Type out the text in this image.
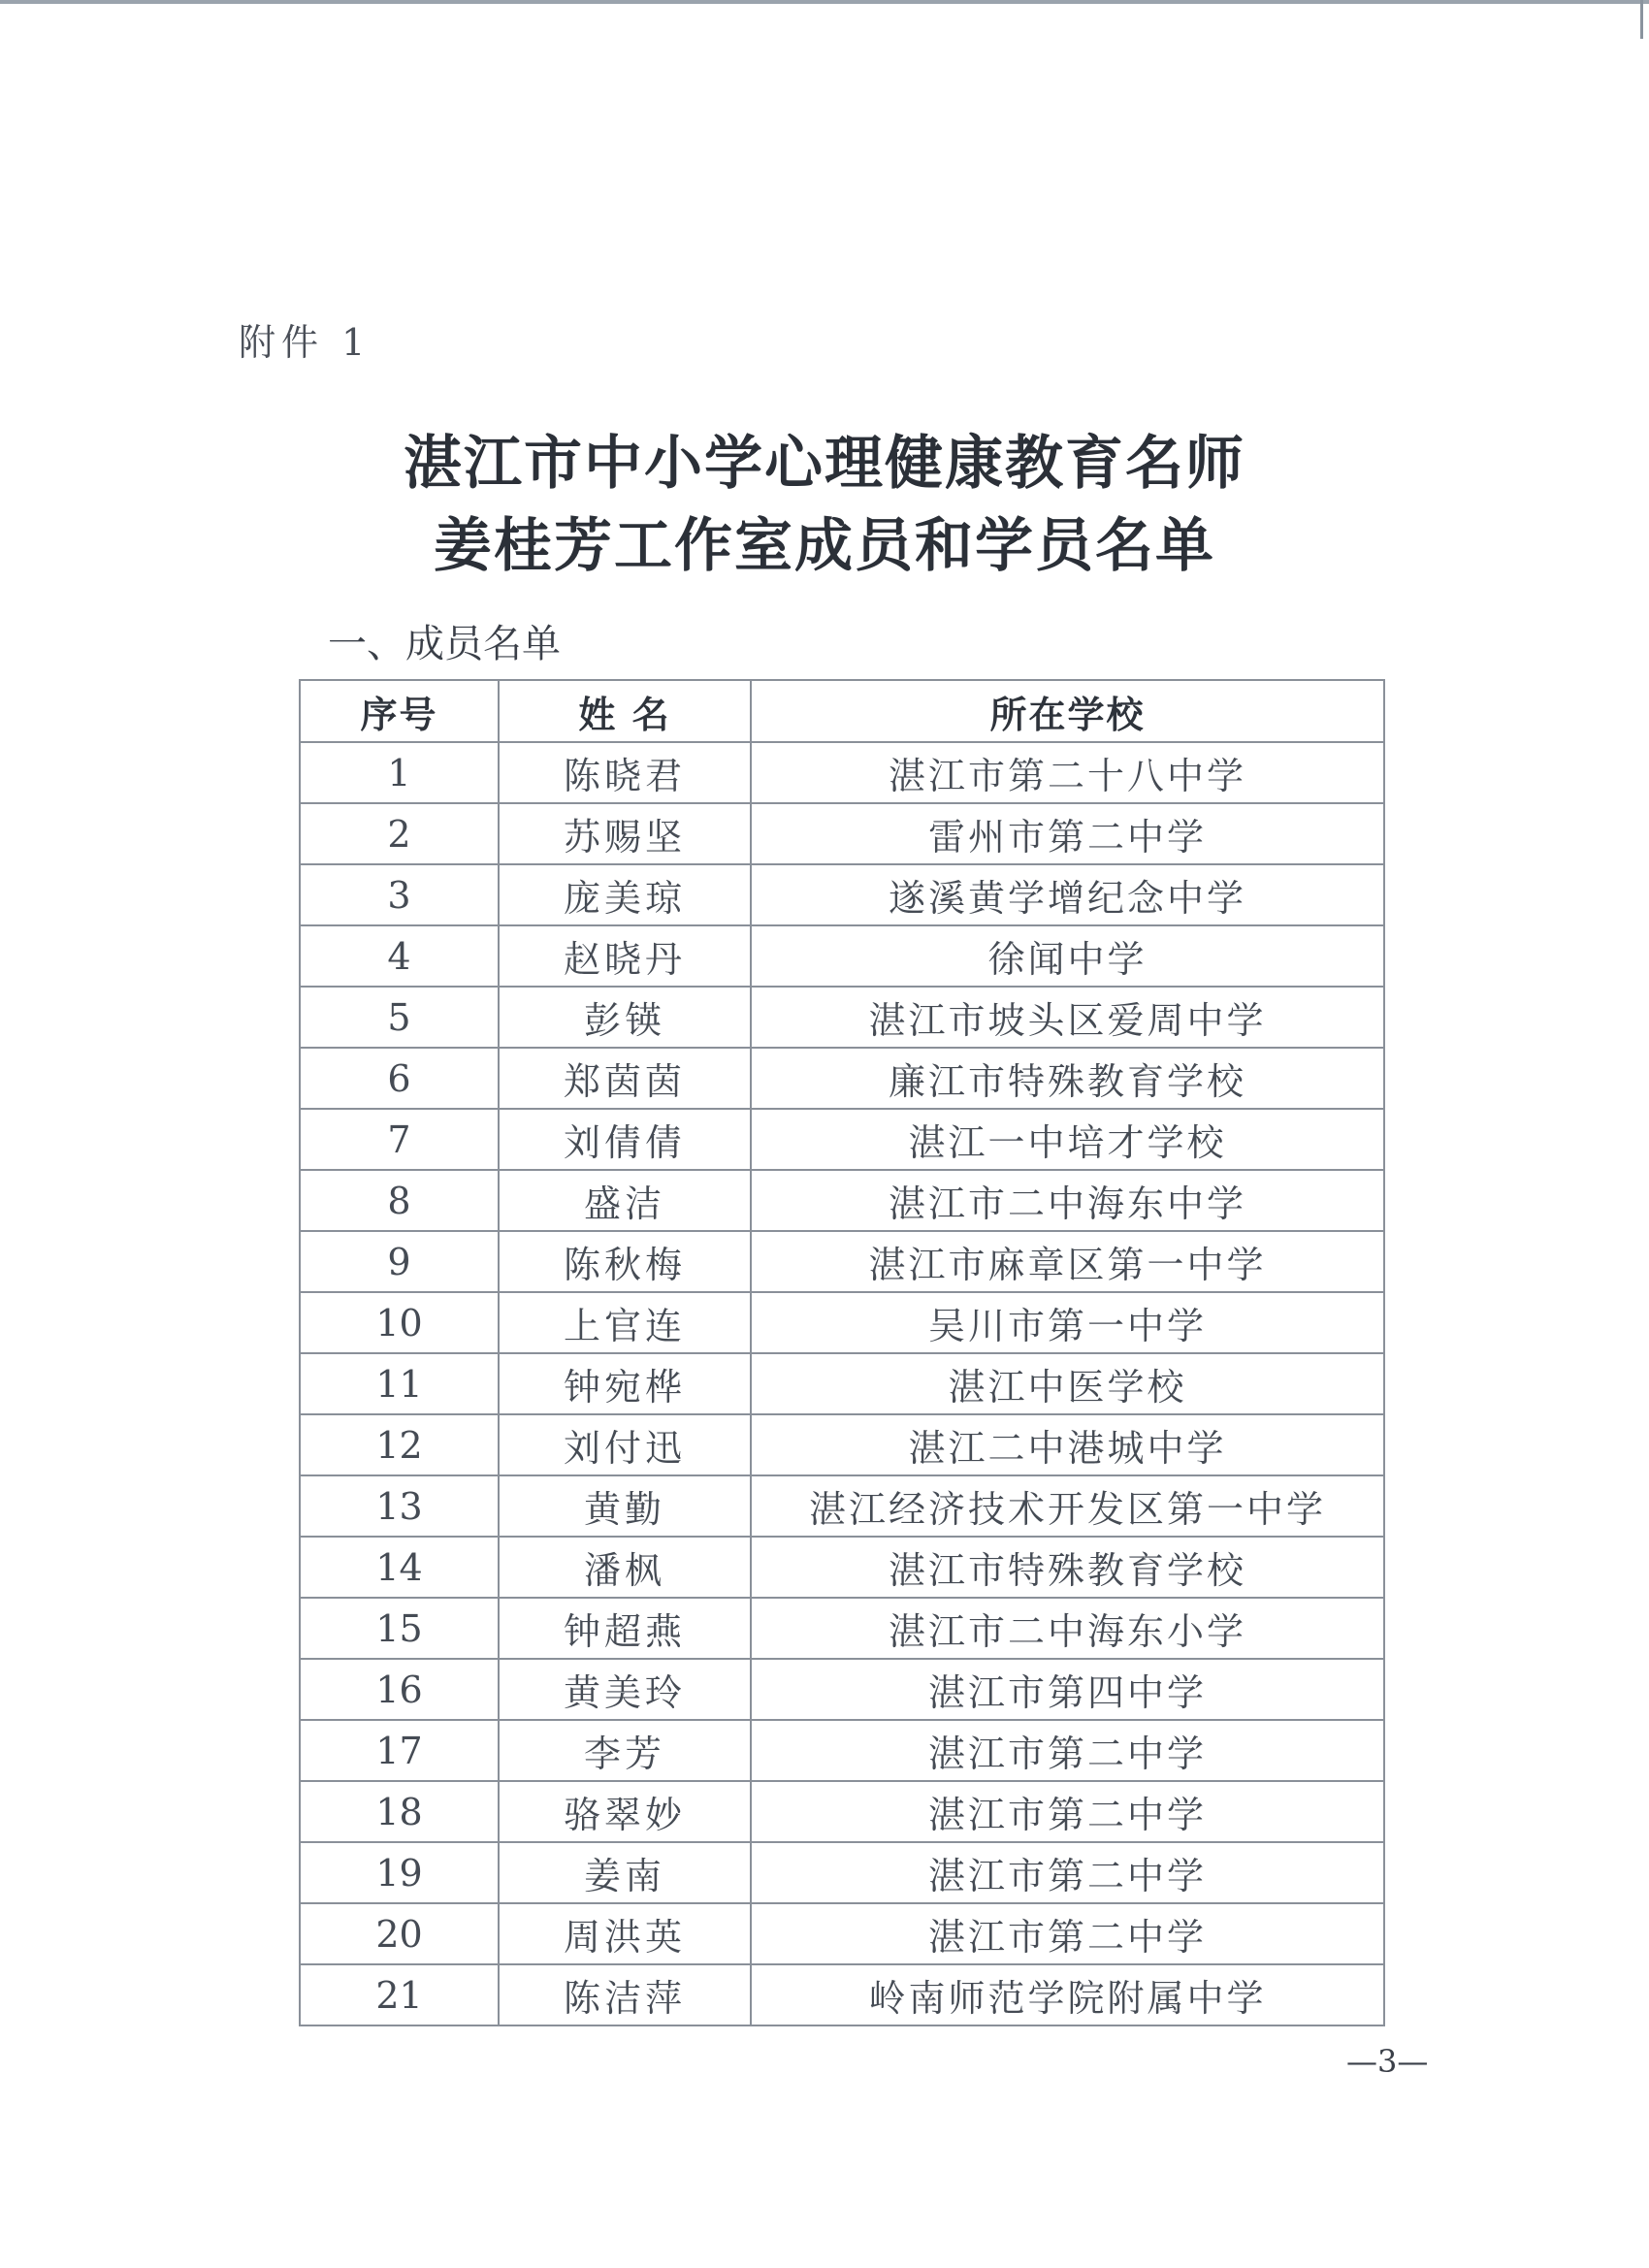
附件 1
湛江市中小学心理健康教育名师
姜桂芳工作室成员和学员名单
一、成员名单
序号	姓 名	所在学校
1	陈晓君	湛江市第二十八中学
2	苏赐坚	雷州市第二中学
3	庞美琼	遂溪黄学增纪念中学
4	赵晓丹	徐闻中学
5	彭锳	湛江市坡头区爱周中学
6	郑茵茵	廉江市特殊教育学校
7	刘倩倩	湛江一中培才学校
8	盛洁	湛江市二中海东中学
9	陈秋梅	湛江市麻章区第一中学
10	上官连	吴川市第一中学
11	钟宛桦	湛江中医学校
12	刘付迅	湛江二中港城中学
13	黄勤	湛江经济技术开发区第一中学
14	潘枫	湛江市特殊教育学校
15	钟超燕	湛江市二中海东小学
16	黄美玲	湛江市第四中学
17	李芳	湛江市第二中学
18	骆翠妙	湛江市第二中学
19	姜南	湛江市第二中学
20	周洪英	湛江市第二中学
21	陈洁萍	岭南师范学院附属中学
—3—
